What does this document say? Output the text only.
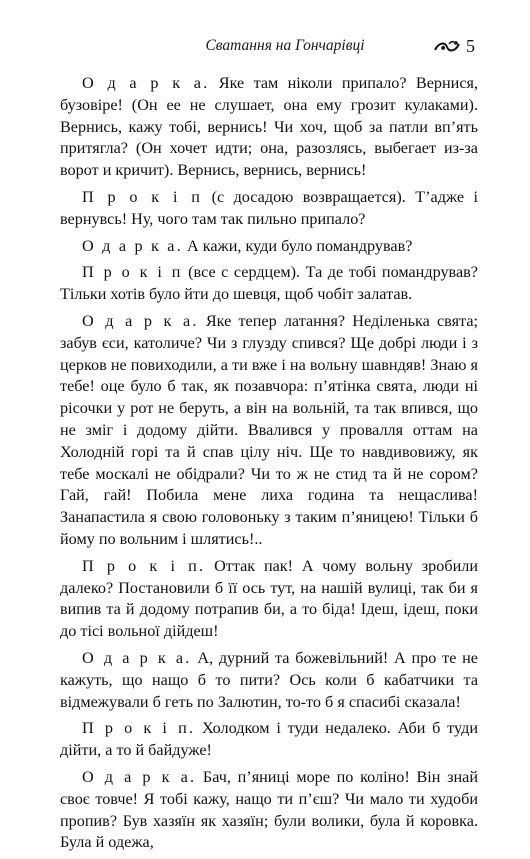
Сватання на Гончарівці	5

О д а р к а. Яке там ніколи припало? Вернися, бузовіре! (Он ее не слушает, она ему грозит кулаками). Вернись, кажу тобі, вернись! Чи хоч, щоб за патли вп’ять притягла? (Он хочет идти; она, разозлясь, выбегает из-за ворот и кричит). Вернись, вернись, вернись!

П р о к і п (с досадою возвращается). Т’адже і вернувсь! Ну, чого там так пильно припало?

О д а р к а. А кажи, куди було помандрував?

П р о к і п (все с сердцем). Та де тобі помандрував? Тільки хотів було йти до шевця, щоб чобіт залатав.

О д а р к а. Яке тепер латання? Неділенька свята; забув єси, католиче? Чи з глузду спився? Ще добрі люди і з церков не повиходили, а ти вже і на вольну шавндяв! Знаю я тебе! оце було б так, як позавчора: п’ятінка свята, люди ні рісочки у рот не беруть, а він на вольній, та так впився, що не зміг і додому дійти. Ввалився у провалля оттам на Холодній горі та й спав цілу ніч. Ще то навдивовижу, як тебе москалі не обідрали? Чи то ж не стид та й не сором? Гай, гай! Побила мене лиха година та нещаслива! Занапастила я свою головоньку з таким п’яницею! Тільки б йому по вольним і шлятись!..

П р о к і п. Оттак пак! А чому вольну зробили далеко? Постановили б її ось тут, на нашій вулиці, так би я випив та й додому потрапив би, а то біда! Ідеш, ідеш, поки до тісі вольної дійдеш!

О д а р к а. А, дурний та божевільний! А про те не кажуть, що нащо б то пити? Ось коли б кабатчики та відмежували б геть по Залютин, то-то б я спасибі сказала!

П р о к і п. Холодком і туди недалеко. Аби б туди дійти, а то й байдуже!

О д а р к а. Бач, п’яниці море по коліно! Він знай своє товче! Я тобі кажу, нащо ти п’єш? Чи мало ти худоби пропив? Був хазяїн як хазяїн; були волики, була й коровка. Була й одежа,
